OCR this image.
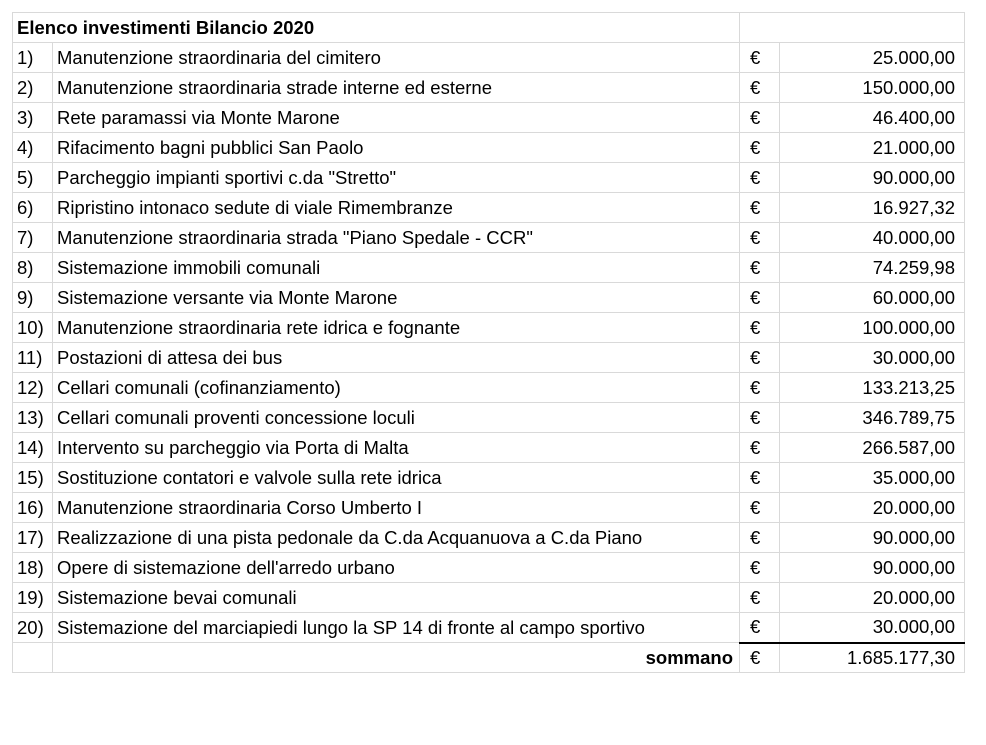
Elenco investimenti Bilancio 2020			
1)	Manutenzione straordinaria del cimitero	€	25.000,00
2)	Manutenzione straordinaria strade interne ed esterne	€	150.000,00
3)	Rete paramassi via Monte Marone	€	46.400,00
4)	Rifacimento bagni pubblici San Paolo	€	21.000,00
5)	Parcheggio impianti sportivi c.da "Stretto"	€	90.000,00
6)	Ripristino intonaco sedute di viale Rimembranze	€	16.927,32
7)	Manutenzione straordinaria strada "Piano Spedale - CCR"	€	40.000,00
8)	Sistemazione immobili comunali	€	74.259,98
9)	Sistemazione versante via Monte Marone	€	60.000,00
10)	Manutenzione straordinaria rete idrica e fognante	€	100.000,00
11)	Postazioni di attesa dei bus	€	30.000,00
12)	Cellari comunali (cofinanziamento)	€	133.213,25
13)	Cellari comunali proventi concessione loculi	€	346.789,75
14)	Intervento su parcheggio via Porta di Malta	€	266.587,00
15)	Sostituzione contatori e valvole sulla rete idrica	€	35.000,00
16)	Manutenzione straordinaria Corso Umberto I	€	20.000,00
17)	Realizzazione di una pista pedonale da C.da Acquanuova a C.da Piano	€	90.000,00
18)	Opere di sistemazione dell'arredo urbano	€	90.000,00
19)	Sistemazione bevai comunali	€	20.000,00
20)	Sistemazione del marciapiedi lungo la SP 14 di fronte al campo sportivo	€	30.000,00
	sommano	€	1.685.177,30
